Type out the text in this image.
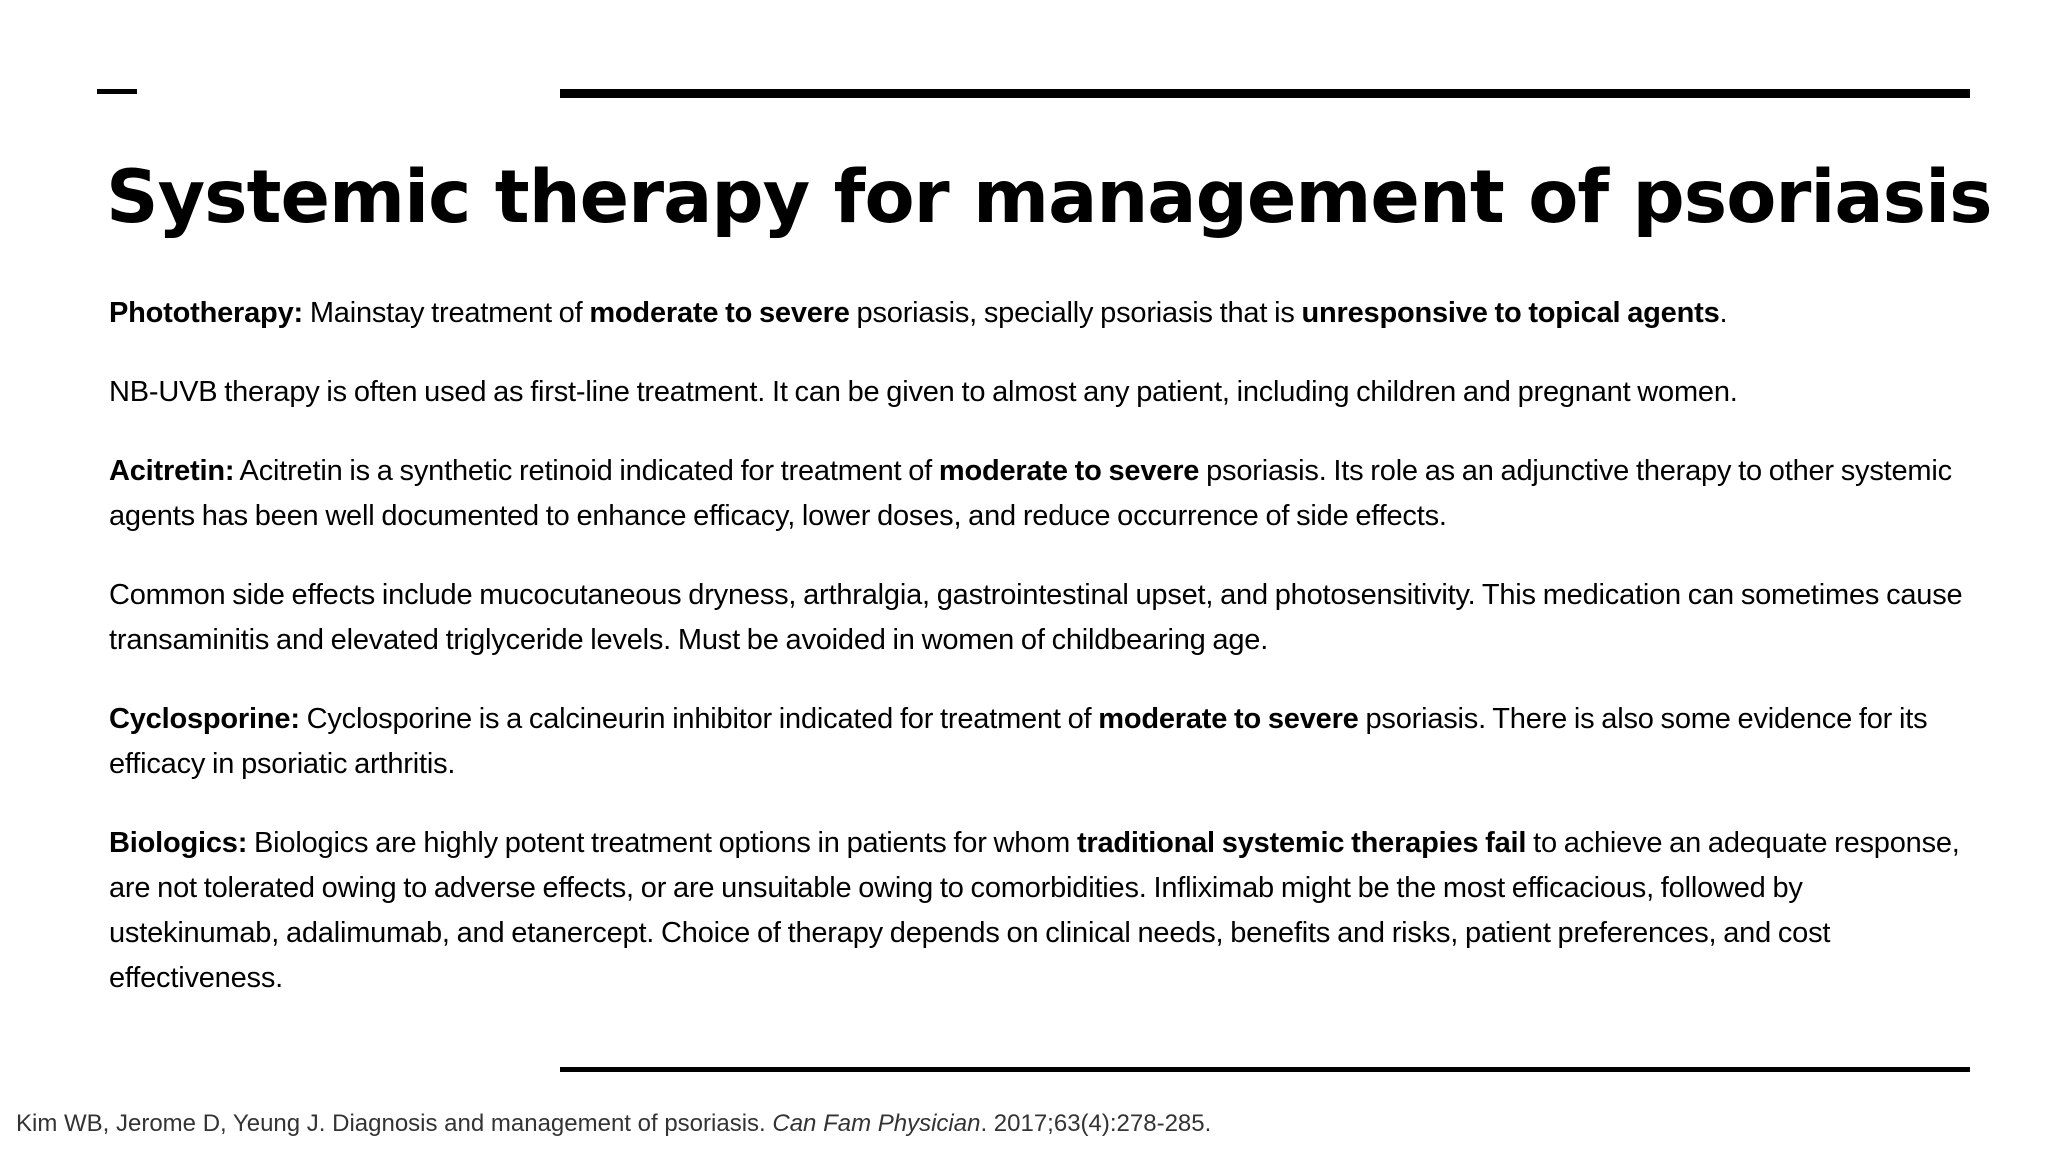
Systemic therapy for management of psoriasis

Phototherapy: Mainstay treatment of moderate to severe psoriasis, specially psoriasis that is unresponsive to topical agents.

NB-UVB therapy is often used as first-line treatment. It can be given to almost any patient, including children and pregnant women.

Acitretin: Acitretin is a synthetic retinoid indicated for treatment of moderate to severe psoriasis. Its role as an adjunctive therapy to other systemic agents has been well documented to enhance efficacy, lower doses, and reduce occurrence of side effects.

Common side effects include mucocutaneous dryness, arthralgia, gastrointestinal upset, and photosensitivity. This medication can sometimes cause transaminitis and elevated triglyceride levels. Must be avoided in women of childbearing age.

Cyclosporine: Cyclosporine is a calcineurin inhibitor indicated for treatment of moderate to severe psoriasis. There is also some evidence for its efficacy in psoriatic arthritis.

Biologics: Biologics are highly potent treatment options in patients for whom traditional systemic therapies fail to achieve an adequate response, are not tolerated owing to adverse effects, or are unsuitable owing to comorbidities. Infliximab might be the most efficacious, followed by ustekinumab, adalimumab, and etanercept. Choice of therapy depends on clinical needs, benefits and risks, patient preferences, and cost effectiveness.

Kim WB, Jerome D, Yeung J. Diagnosis and management of psoriasis. Can Fam Physician. 2017;63(4):278-285.
